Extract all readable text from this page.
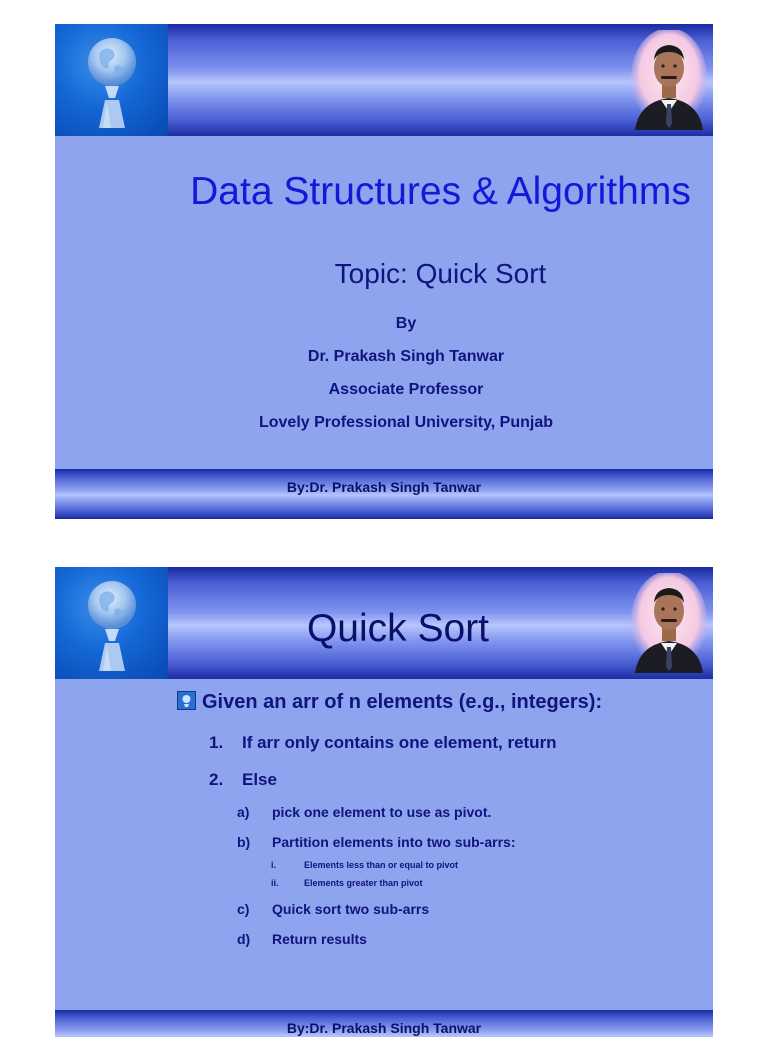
Data Structures & Algorithms
Topic: Quick Sort
By
Dr. Prakash Singh Tanwar
Associate Professor
Lovely Professional University, Punjab
By:Dr. Prakash Singh Tanwar
Quick Sort
Given an arr of n elements (e.g., integers):
1. If arr only contains one element, return
2. Else
a) pick one element to use as pivot.
b) Partition elements into two sub-arrs:
i.	Elements less than or equal to pivot
ii.	Elements greater than pivot
c) Quick sort two sub-arrs
d) Return results
By:Dr. Prakash Singh Tanwar
